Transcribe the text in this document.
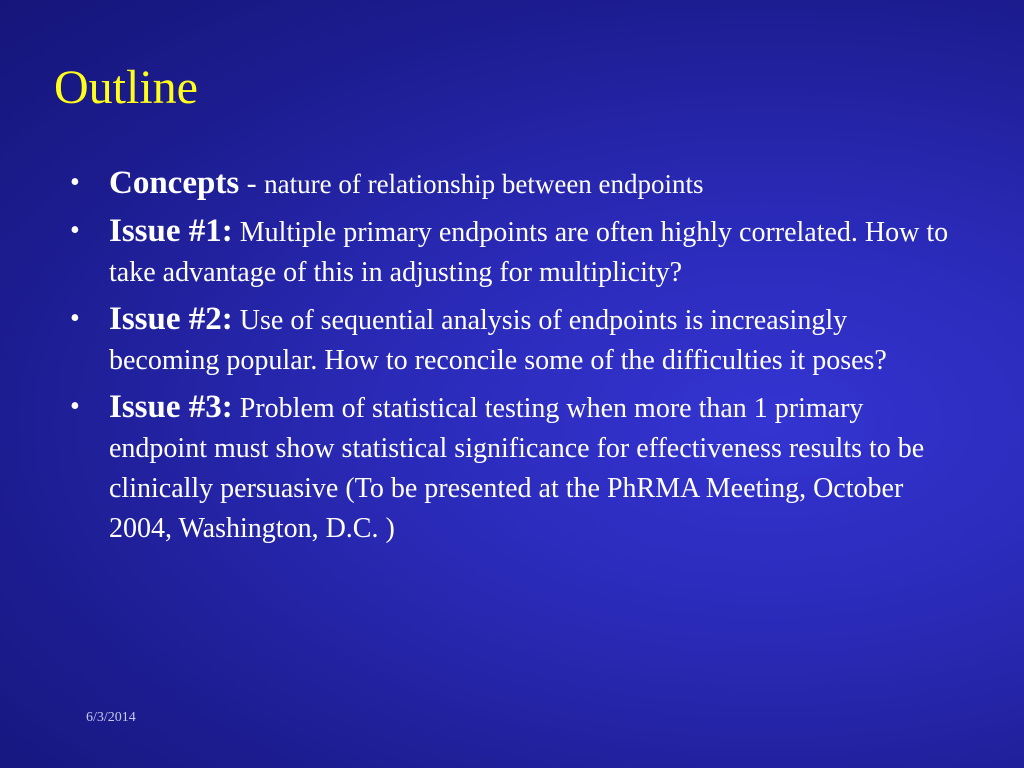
Outline
• Concepts - nature of relationship between endpoints
• Issue #1: Multiple primary endpoints are often highly correlated. How to take advantage of this in adjusting for multiplicity?
• Issue #2: Use of sequential analysis of endpoints is increasingly becoming popular. How to reconcile some of the difficulties it poses?
• Issue #3: Problem of statistical testing when more than 1 primary endpoint must show statistical significance for effectiveness results to be clinically persuasive (To be presented at the PhRMA Meeting, October 2004, Washington, D.C. )
6/3/2014
